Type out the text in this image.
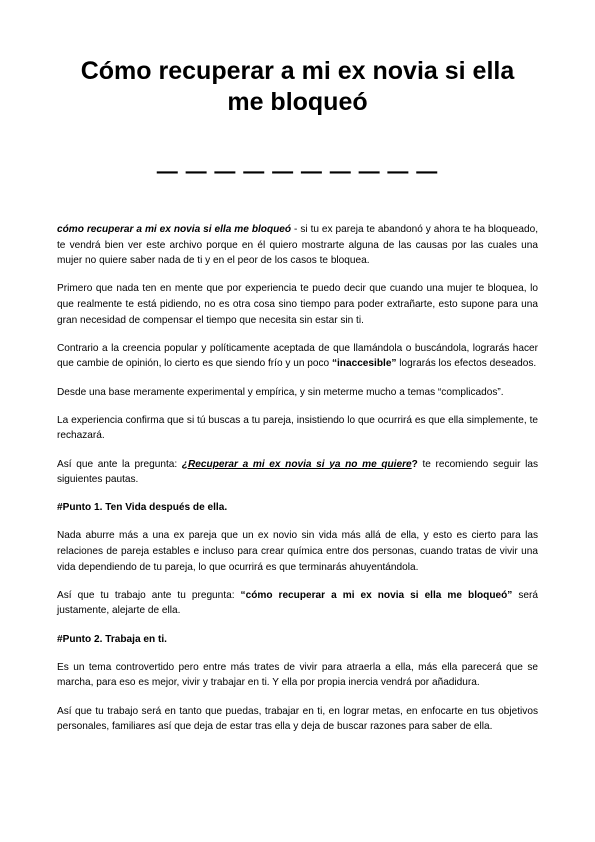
Cómo recuperar a mi ex novia si ella me bloqueó
— — — — — — — — — —

cómo recuperar a mi ex novia si ella me bloqueó - si tu ex pareja te abandonó y ahora te ha bloqueado, te vendrá bien ver este archivo porque en él quiero mostrarte alguna de las causas por las cuales una mujer no quiere saber nada de ti y en el peor de los casos te bloquea.

Primero que nada ten en mente que por experiencia te puedo decir que cuando una mujer te bloquea, lo que realmente te está pidiendo, no es otra cosa sino tiempo para poder extrañarte, esto supone para una gran necesidad de compensar el tiempo que necesita sin estar sin ti.

Contrario a la creencia popular y políticamente aceptada de que llamándola o buscándola, lograrás hacer que cambie de opinión, lo cierto es que siendo frío y un poco “inaccesible” lograrás los efectos deseados.

Desde una base meramente experimental y empírica, y sin meterme mucho a temas “complicados”.

La experiencia confirma que si tú buscas a tu pareja, insistiendo lo que ocurrirá es que ella simplemente, te rechazará.

Así que ante la pregunta: ¿Recuperar a mi ex novia si ya no me quiere? te recomiendo seguir las siguientes pautas.

#Punto 1. Ten Vida después de ella.

Nada aburre más a una ex pareja que un ex novio sin vida más allá de ella, y esto es cierto para las relaciones de pareja estables e incluso para crear química entre dos personas, cuando tratas de vivir una vida dependiendo de tu pareja, lo que ocurrirá es que terminarás ahuyentándola.

Así que tu trabajo ante tu pregunta: “cómo recuperar a mi ex novia si ella me bloqueó” será justamente, alejarte de ella.

#Punto 2. Trabaja en ti.

Es un tema controvertido pero entre más trates de vivir para atraerla a ella, más ella parecerá que se marcha, para eso es mejor, vivir y trabajar en ti. Y ella por propia inercia vendrá por añadidura.

Así que tu trabajo será en tanto que puedas, trabajar en ti, en lograr metas, en enfocarte en tus objetivos personales, familiares así que deja de estar tras ella y deja de buscar razones para saber de ella.
